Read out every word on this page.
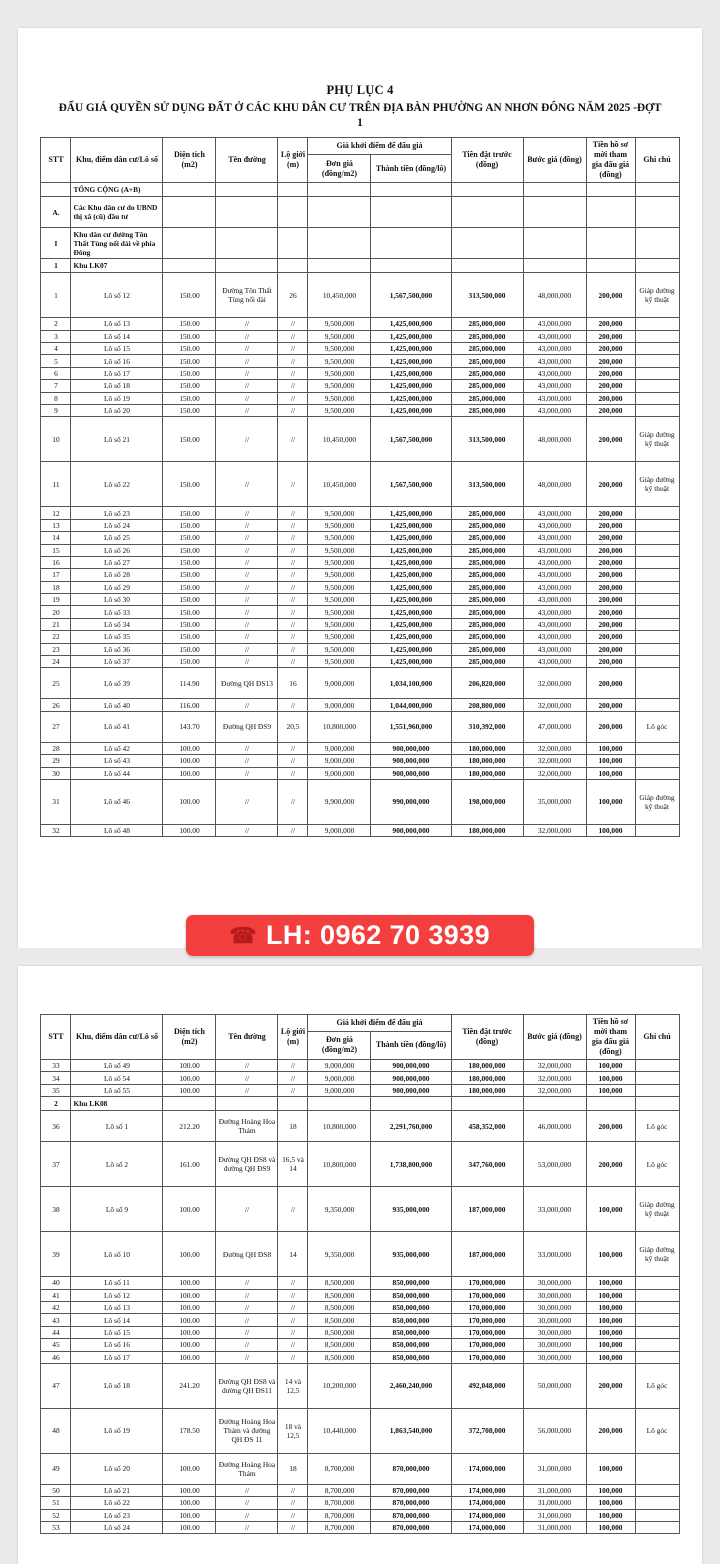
PHỤ LỤC 4
ĐẤU GIÁ QUYỀN SỬ DỤNG ĐẤT Ở CÁC KHU DÂN CƯ TRÊN ĐỊA BÀN PHƯỜNG AN NHƠN ĐÔNG NĂM 2025 -ĐỢT
1
STT	Khu, điểm dân cư/Lô số	Diện tích (m2)	Tên đường	Lộ giới (m)	Giá khởi điểm để đấu giá		Tiền đặt trước (đồng)	Bước giá (đồng)	Tiền hồ sơ mời tham gia đấu giá (đồng)	Ghi chú
					Đơn giá (đồng/m2)	Thành tiền (đồng/lô)				
	TỔNG CỘNG (A+B)									
A.	Các Khu dân cư do UBND thị xã (cũ) đầu tư									
I	Khu dân cư đường Tôn Thất Tùng nối dài về phía Đông									
1	Khu LK07									
1	Lô số 12	150.00	Đường Tôn Thất Tùng nối dài	26	10,450,000	1,567,500,000	313,500,000	48,000,000	200,000	Giáp đường kỹ thuật
2	Lô số 13	150.00	//	//	9,500,000	1,425,000,000	285,000,000	43,000,000	200,000	
3	Lô số 14	150.00	//	//	9,500,000	1,425,000,000	285,000,000	43,000,000	200,000	
4	Lô số 15	150.00	//	//	9,500,000	1,425,000,000	285,000,000	43,000,000	200,000	
5	Lô số 16	150.00	//	//	9,500,000	1,425,000,000	285,000,000	43,000,000	200,000	
6	Lô số 17	150.00	//	//	9,500,000	1,425,000,000	285,000,000	43,000,000	200,000	
7	Lô số 18	150.00	//	//	9,500,000	1,425,000,000	285,000,000	43,000,000	200,000	
8	Lô số 19	150.00	//	//	9,500,000	1,425,000,000	285,000,000	43,000,000	200,000	
9	Lô số 20	150.00	//	//	9,500,000	1,425,000,000	285,000,000	43,000,000	200,000	
10	Lô số 21	150.00	//	//	10,450,000	1,567,500,000	313,500,000	48,000,000	200,000	Giáp đường kỹ thuật
11	Lô số 22	150.00	//	//	10,450,000	1,567,500,000	313,500,000	48,000,000	200,000	Giáp đường kỹ thuật
12	Lô số 23	150.00	//	//	9,500,000	1,425,000,000	285,000,000	43,000,000	200,000	
13	Lô số 24	150.00	//	//	9,500,000	1,425,000,000	285,000,000	43,000,000	200,000	
14	Lô số 25	150.00	//	//	9,500,000	1,425,000,000	285,000,000	43,000,000	200,000	
15	Lô số 26	150.00	//	//	9,500,000	1,425,000,000	285,000,000	43,000,000	200,000	
16	Lô số 27	150.00	//	//	9,500,000	1,425,000,000	285,000,000	43,000,000	200,000	
17	Lô số 28	150.00	//	//	9,500,000	1,425,000,000	285,000,000	43,000,000	200,000	
18	Lô số 29	150.00	//	//	9,500,000	1,425,000,000	285,000,000	43,000,000	200,000	
19	Lô số 30	150.00	//	//	9,500,000	1,425,000,000	285,000,000	43,000,000	200,000	
20	Lô số 33	150.00	//	//	9,500,000	1,425,000,000	285,000,000	43,000,000	200,000	
21	Lô số 34	150.00	//	//	9,500,000	1,425,000,000	285,000,000	43,000,000	200,000	
22	Lô số 35	150.00	//	//	9,500,000	1,425,000,000	285,000,000	43,000,000	200,000	
23	Lô số 36	150.00	//	//	9,500,000	1,425,000,000	285,000,000	43,000,000	200,000	
24	Lô số 37	150.00	//	//	9,500,000	1,425,000,000	285,000,000	43,000,000	200,000	
25	Lô số 39	114.90	Đường QH ĐS13	16	9,000,000	1,034,100,000	206,820,000	32,000,000	200,000	
26	Lô số 40	116.00	//	//	9,000,000	1,044,000,000	208,800,000	32,000,000	200,000	
27	Lô số 41	143.70	Đường QH ĐS9	20,5	10,800,000	1,551,960,000	310,392,000	47,000,000	200,000	Lô góc
28	Lô số 42	100.00	//	//	9,000,000	900,000,000	180,000,000	32,000,000	100,000	
29	Lô số 43	100.00	//	//	9,000,000	900,000,000	180,000,000	32,000,000	100,000	
30	Lô số 44	100.00	//	//	9,000,000	900,000,000	180,000,000	32,000,000	100,000	
31	Lô số 46	100.00	//	//	9,900,000	990,000,000	198,000,000	35,000,000	100,000	Giáp đường kỹ thuật
32	Lô số 48	100.00	//	//	9,000,000	900,000,000	180,000,000	32,000,000	100,000	
☎ LH: 0962 70 3939
STT	Khu, điểm dân cư/Lô số	Diện tích (m2)	Tên đường	Lộ giới (m)	Giá khởi điểm để đấu giá		Tiền đặt trước (đồng)	Bước giá (đồng)	Tiền hồ sơ mời tham gia đấu giá (đồng)	Ghi chú
					Đơn giá (đồng/m2)	Thành tiền (đồng/lô)				
33	Lô số 49	100.00	//	//	9,000,000	900,000,000	180,000,000	32,000,000	100,000	
34	Lô số 54	100.00	//	//	9,000,000	900,000,000	180,000,000	32,000,000	100,000	
35	Lô số 55	100.00	//	//	9,000,000	900,000,000	180,000,000	32,000,000	100,000	
2	Khu LK08									
36	Lô số 1	212.20	Đường Hoàng Hoa Thám	18	10,800,000	2,291,760,000	458,352,000	46,000,000	200,000	Lô góc
37	Lô số 2	161.00	Đường QH ĐS8 và đường QH ĐS9	16,5 và 14	10,800,000	1,738,800,000	347,760,000	53,000,000	200,000	Lô góc
38	Lô số 9	100.00	//	//	9,350,000	935,000,000	187,000,000	33,000,000	100,000	Giáp đường kỹ thuật
39	Lô số 10	100.00	Đường QH ĐS8	14	9,350,000	935,000,000	187,000,000	33,000,000	100,000	Giáp đường kỹ thuật
40	Lô số 11	100.00	//	//	8,500,000	850,000,000	170,000,000	30,000,000	100,000	
41	Lô số 12	100.00	//	//	8,500,000	850,000,000	170,000,000	30,000,000	100,000	
42	Lô số 13	100.00	//	//	8,500,000	850,000,000	170,000,000	30,000,000	100,000	
43	Lô số 14	100.00	//	//	8,500,000	850,000,000	170,000,000	30,000,000	100,000	
44	Lô số 15	100.00	//	//	8,500,000	850,000,000	170,000,000	30,000,000	100,000	
45	Lô số 16	100.00	//	//	8,500,000	850,000,000	170,000,000	30,000,000	100,000	
46	Lô số 17	100.00	//	//	8,500,000	850,000,000	170,000,000	30,000,000	100,000	
47	Lô số 18	241.20	Đường QH ĐS8 và đường QH ĐS11	14 và 12,5	10,200,000	2,460,240,000	492,048,000	50,000,000	200,000	Lô góc
48	Lô số 19	178.50	Đường Hoàng Hoa Thám và đường QH ĐS 11	18 và 12,5	10,440,000	1,863,540,000	372,708,000	56,000,000	200,000	Lô góc
49	Lô số 20	100.00	Đường Hoàng Hoa Thám	18	8,700,000	870,000,000	174,000,000	31,000,000	100,000	
50	Lô số 21	100.00	//	//	8,700,000	870,000,000	174,000,000	31,000,000	100,000	
51	Lô số 22	100.00	//	//	8,700,000	870,000,000	174,000,000	31,000,000	100,000	
52	Lô số 23	100.00	//	//	8,700,000	870,000,000	174,000,000	31,000,000	100,000	
53	Lô số 24	100.00	//	//	8,700,000	870,000,000	174,000,000	31,000,000	100,000	
